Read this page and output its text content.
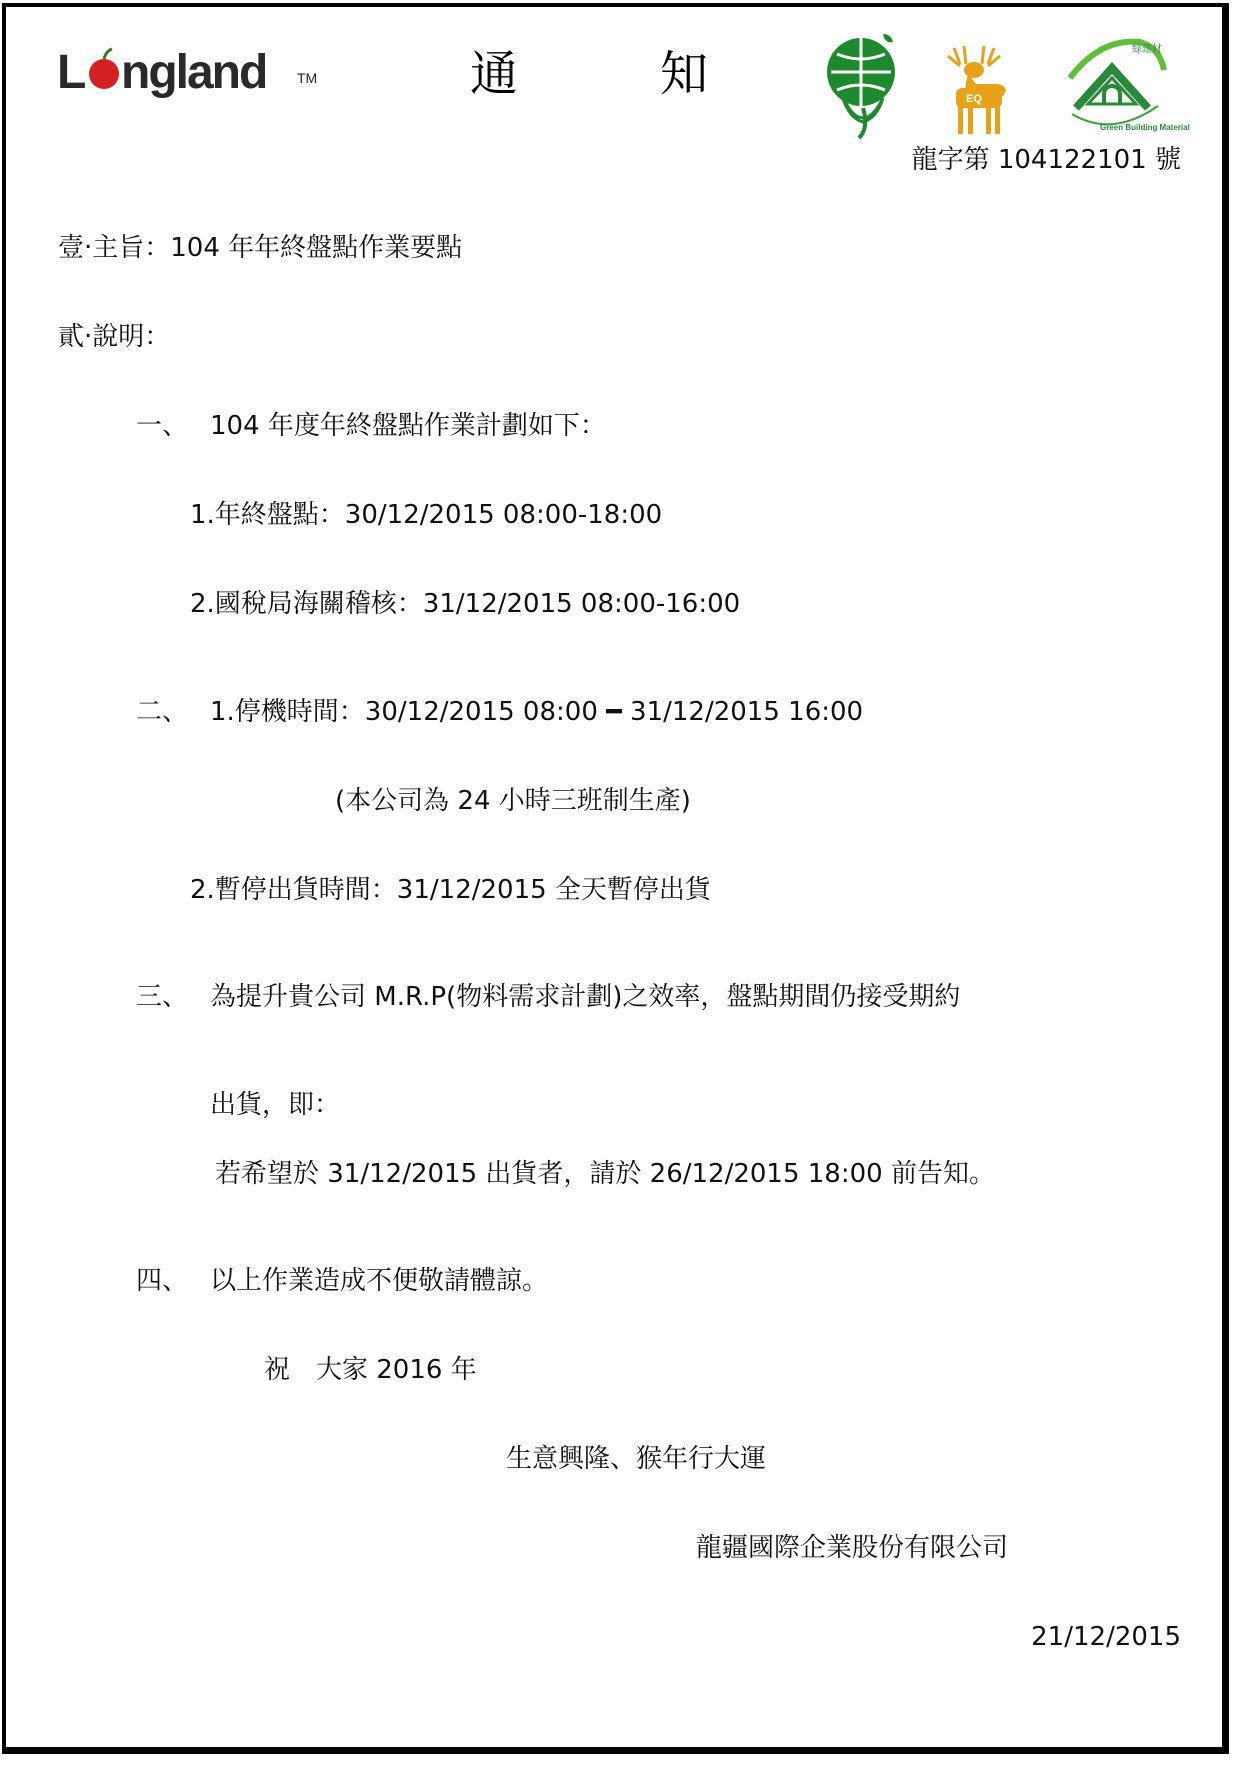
L ngland TM	通	知	EQ
Green Building Material
綠建材
龍字第 104122101 號
壹‧主旨：104 年年終盤點作業要點
貳‧說明：
一、 104 年度年終盤點作業計劃如下：
1.年終盤點：30/12/2015 08:00-18:00
2.國稅局海關稽核：31/12/2015 08:00-16:00
二、 1.停機時間：30/12/2015 08:00 ━ 31/12/2015 16:00
(本公司為 24 小時三班制生產)
2.暫停出貨時間：31/12/2015 全天暫停出貨
三、 為提升貴公司 M.R.P(物料需求計劃)之效率，盤點期間仍接受期約
出貨，即：
若希望於 31/12/2015 出貨者，請於 26/12/2015 18:00 前告知。
四、 以上作業造成不便敬請體諒。
祝　大家 2016 年
生意興隆、猴年行大運
龍疆國際企業股份有限公司
21/12/2015
